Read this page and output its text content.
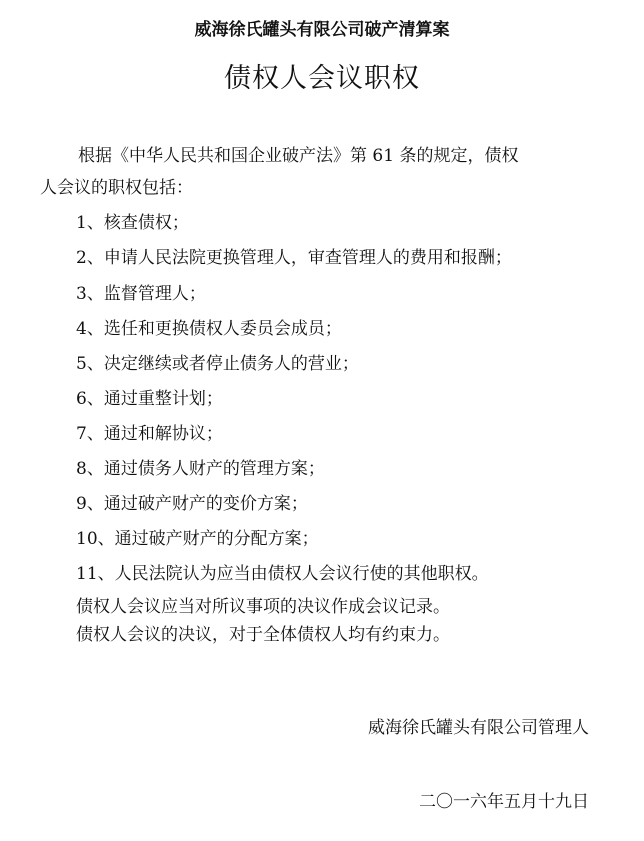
威海徐氏罐头有限公司破产清算案
债权人会议职权
根据《中华人民共和国企业破产法》第 61 条的规定，债权
人会议的职权包括：
1、核查债权；
2、申请人民法院更换管理人，审查管理人的费用和报酬；
3、监督管理人；
4、选任和更换债权人委员会成员；
5、决定继续或者停止债务人的营业；
6、通过重整计划；
7、通过和解协议；
8、通过债务人财产的管理方案；
9、通过破产财产的变价方案；
10、通过破产财产的分配方案；
11、人民法院认为应当由债权人会议行使的其他职权。
债权人会议应当对所议事项的决议作成会议记录。
债权人会议的决议，对于全体债权人均有约束力。
威海徐氏罐头有限公司管理人
二〇一六年五月十九日
